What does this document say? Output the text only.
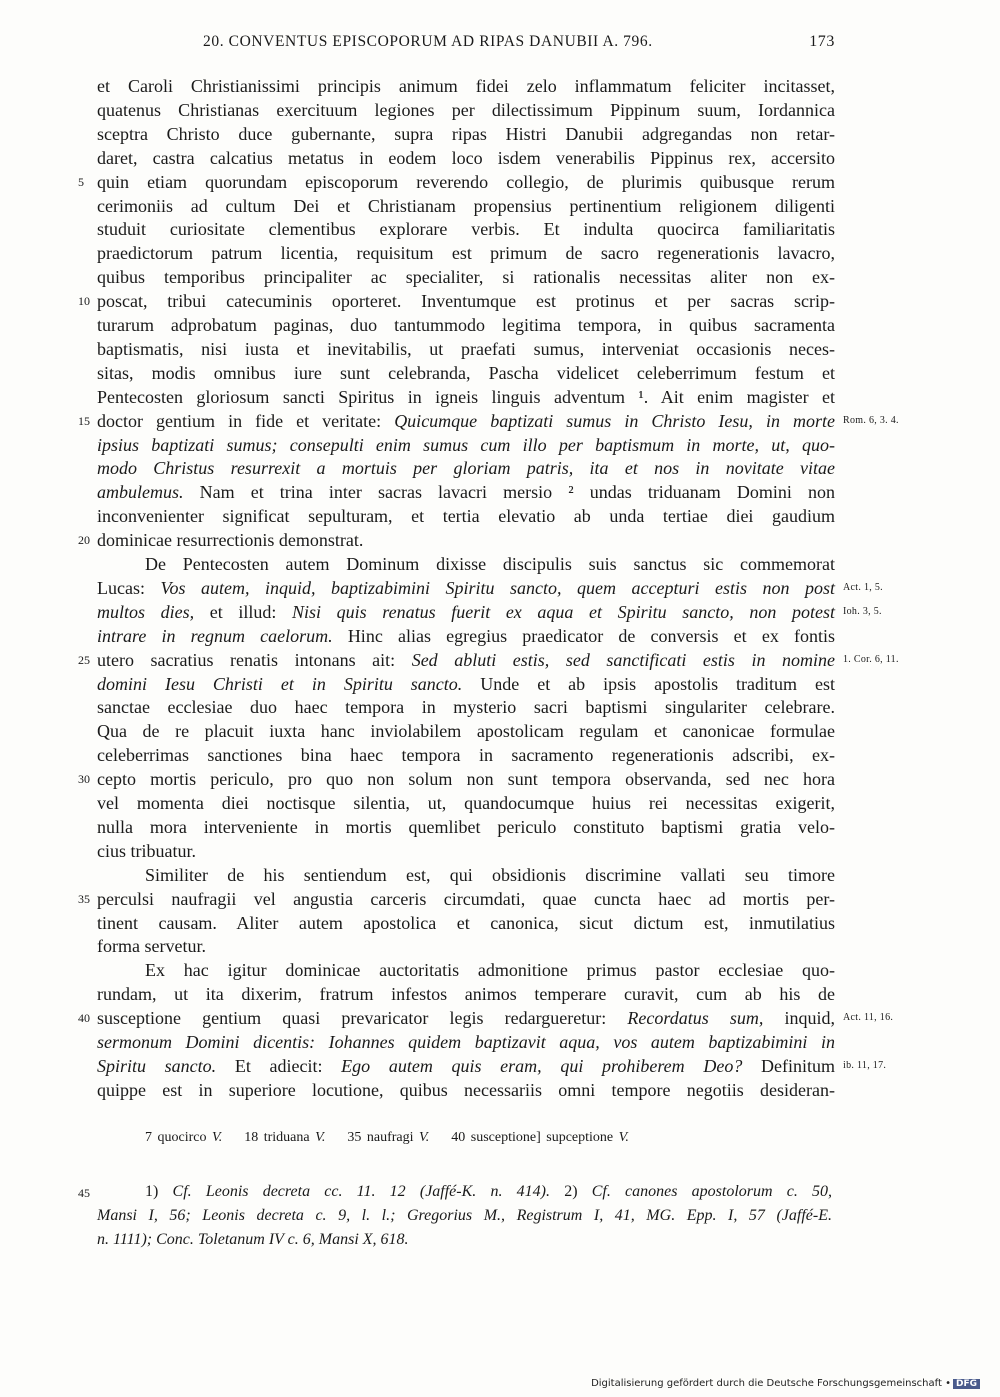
20. CONVENTUS EPISCOPORUM AD RIPAS DANUBII A. 796.	173
et Caroli Christianissimi principis animum fidei zelo inflammatum feliciter incitasset,
quatenus Christianas exercituum legiones per dilectissimum Pippinum suum, Iordannica
sceptra Christo duce gubernante, supra ripas Histri Danubii adgregandas non retar-
daret, castra calcatius metatus in eodem loco isdem venerabilis Pippinus rex, accersito
quin etiam quorundam episcoporum reverendo collegio, de plurimis quibusque rerum
5
cerimoniis ad cultum Dei et Christianam propensius pertinentium religionem diligenti
studuit curiositate clementibus explorare verbis. Et indulta quocirca familiaritatis
praedictorum patrum licentia, requisitum est primum de sacro regenerationis lavacro,
quibus temporibus principaliter ac specialiter, si rationalis necessitas aliter non ex-
poscat, tribui catecuminis oporteret. Inventumque est protinus et per sacras scrip-
10
turarum adprobatum paginas, duo tantummodo legitima tempora, in quibus sacramenta
baptismatis, nisi iusta et inevitabilis, ut praefati sumus, interveniat occasionis neces-
sitas, modis omnibus iure sunt celebranda, Pascha videlicet celeberrimum festum et
Pentecosten gloriosum sancti Spiritus in igneis linguis adventum ¹. Ait enim magister et
doctor gentium in fide et veritate: Quicumque baptizati sumus in Christo Iesu, in morte
15	Rom. 6, 3. 4.
ipsius baptizati sumus; consepulti enim sumus cum illo per baptismum in morte, ut, quo-
modo Christus resurrexit a mortuis per gloriam patris, ita et nos in novitate vitae
ambulemus. Nam et trina inter sacras lavacri mersio ² undas triduanam Domini non
inconvenienter significat sepulturam, et tertia elevatio ab unda tertiae diei gaudium
dominicae resurrectionis demonstrat.
20
De Pentecosten autem Dominum dixisse discipulis suis sanctus sic commemorat
Lucas: Vos autem, inquid, baptizabimini Spiritu sancto, quem accepturi estis non post Act. 1, 5.
multos dies, et illud: Nisi quis renatus fuerit ex aqua et Spiritu sancto, non potest Ioh. 3, 5.
intrare in regnum caelorum. Hinc alias egregius praedicator de conversis et ex fontis
utero sacratius renatis intonans ait: Sed abluti estis, sed sanctificati estis in nomine
25	1. Cor. 6, 11.
domini Iesu Christi et in Spiritu sancto. Unde et ab ipsis apostolis traditum est
sanctae ecclesiae duo haec tempora in mysterio sacri baptismi singulariter celebrare.
Qua de re placuit iuxta hanc inviolabilem apostolicam regulam et canonicae formulae
celeberrimas sanctiones bina haec tempora in sacramento regenerationis adscribi, ex-
cepto mortis periculo, pro quo non solum non sunt tempora observanda, sed nec hora
30
vel momenta diei noctisque silentia, ut, quandocumque huius rei necessitas exigerit,
nulla mora interveniente in mortis quemlibet periculo constituto baptismi gratia velo-
cius tribuatur.
Similiter de his sentiendum est, qui obsidionis discrimine vallati seu timore
perculsi naufragii vel angustia carceris circumdati, quae cuncta haec ad mortis per-
35
tinent causam. Aliter autem apostolica et canonica, sicut dictum est, inmutilatius
forma servetur.
Ex hac igitur dominicae auctoritatis admonitione primus pastor ecclesiae quo-
rundam, ut ita dixerim, fratrum infestos animos temperare curavit, cum ab his de
susceptione gentium quasi prevaricator legis redargueretur: Recordatus sum, inquid,
40	Act. 11, 16.
sermonum Domini dicentis: Iohannes quidem baptizavit aqua, vos autem baptizabimini in
Spiritu sancto. Et adiecit: Ego autem quis eram, qui prohiberem Deo? Definitum ib. 11, 17.
quippe est in superiore locutione, quibus necessariis omni tempore negotiis desideran-
7 quocirco V. 18 triduana V. 35 naufragi V. 40 susceptione] supceptione V.
45	1) Cf. Leonis decreta cc. 11. 12 (Jaffé-K. n. 414). 2) Cf. canones apostolorum c. 50,
Mansi I, 56; Leonis decreta c. 9, l. l.; Gregorius M., Registrum I, 41, MG. Epp. I, 57 (Jaffé-E.
n. 1111); Conc. Toletanum IV c. 6, Mansi X, 618.
Digitalisierung gefördert durch die Deutsche Forschungsgemeinschaft • DFG
